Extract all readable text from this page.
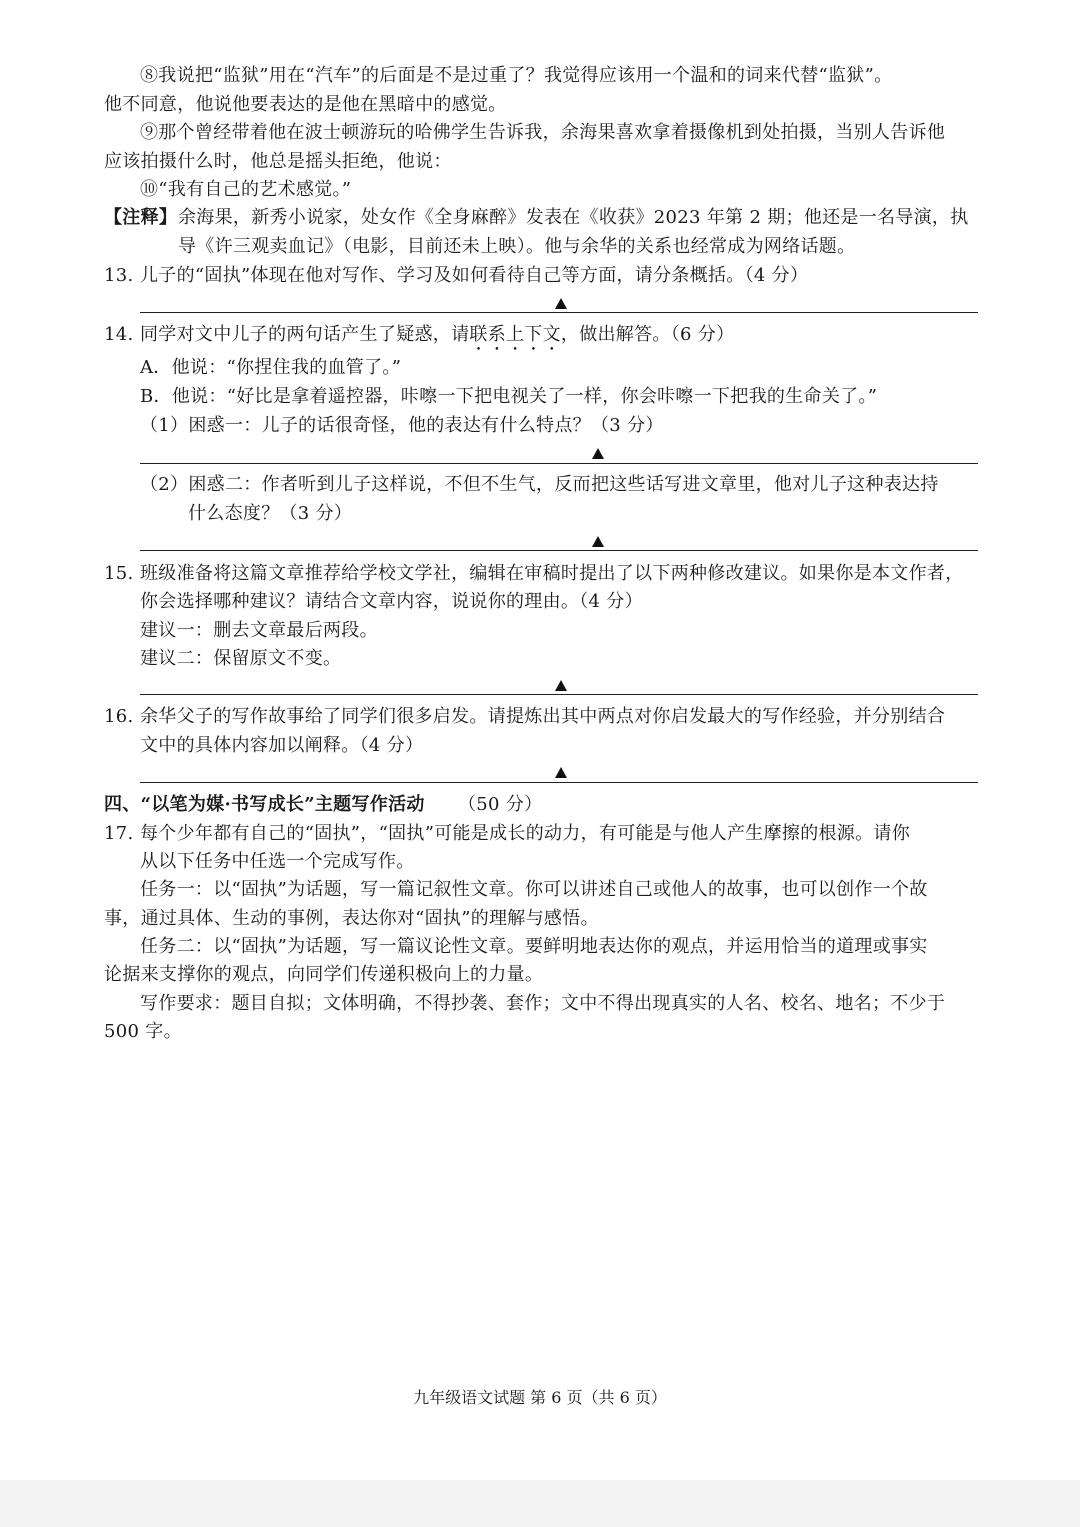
⑧我说把“监狱”用在“汽车”的后面是不是过重了？我觉得应该用一个温和的词来代替“监狱”。
他不同意，他说他要表达的是他在黑暗中的感觉。
⑨那个曾经带着他在波士顿游玩的哈佛学生告诉我，余海果喜欢拿着摄像机到处拍摄，当别人告诉他
应该拍摄什么时，他总是摇头拒绝，他说：
⑩“我有自己的艺术感觉。”
【注释】 余海果，新秀小说家，处女作《全身麻醉》发表在《收获》2023 年第 2 期；他还是一名导演，执
导《许三观卖血记》（电影，目前还未上映）。他与余华的关系也经常成为网络话题。
13. 儿子的“固执”体现在他对写作、学习及如何看待自己等方面，请分条概括。（4 分）
14. 同学对文中儿子的两句话产生了疑惑，请联系上下文，做出解答。（6 分）
A．他说：“你捏住我的血管了。”
B．他说：“好比是拿着遥控器，咔嚓一下把电视关了一样，你会咔嚓一下把我的生命关了。”
（1）困惑一：儿子的话很奇怪，他的表达有什么特点？（3 分）
（2）困惑二：作者听到儿子这样说，不但不生气，反而把这些话写进文章里，他对儿子这种表达持
什么态度？（3 分）
15. 班级准备将这篇文章推荐给学校文学社，编辑在审稿时提出了以下两种修改建议。如果你是本文作者，
你会选择哪种建议？请结合文章内容，说说你的理由。（4 分）
建议一：删去文章最后两段。
建议二：保留原文不变。
16. 余华父子的写作故事给了同学们很多启发。请提炼出其中两点对你启发最大的写作经验，并分别结合
文中的具体内容加以阐释。（4 分）
四、“以笔为媒·书写成长”主题写作活动 （50 分）
17. 每个少年都有自己的“固执”，“固执”可能是成长的动力，有可能是与他人产生摩擦的根源。请你
从以下任务中任选一个完成写作。
任务一：以“固执”为话题，写一篇记叙性文章。你可以讲述自己或他人的故事，也可以创作一个故
事，通过具体、生动的事例，表达你对“固执”的理解与感悟。
任务二：以“固执”为话题，写一篇议论性文章。要鲜明地表达你的观点，并运用恰当的道理或事实
论据来支撑你的观点，向同学们传递积极向上的力量。
写作要求：题目自拟；文体明确，不得抄袭、套作；文中不得出现真实的人名、校名、地名；不少于
500 字。
九年级语文试题 第 6 页（共 6 页）
